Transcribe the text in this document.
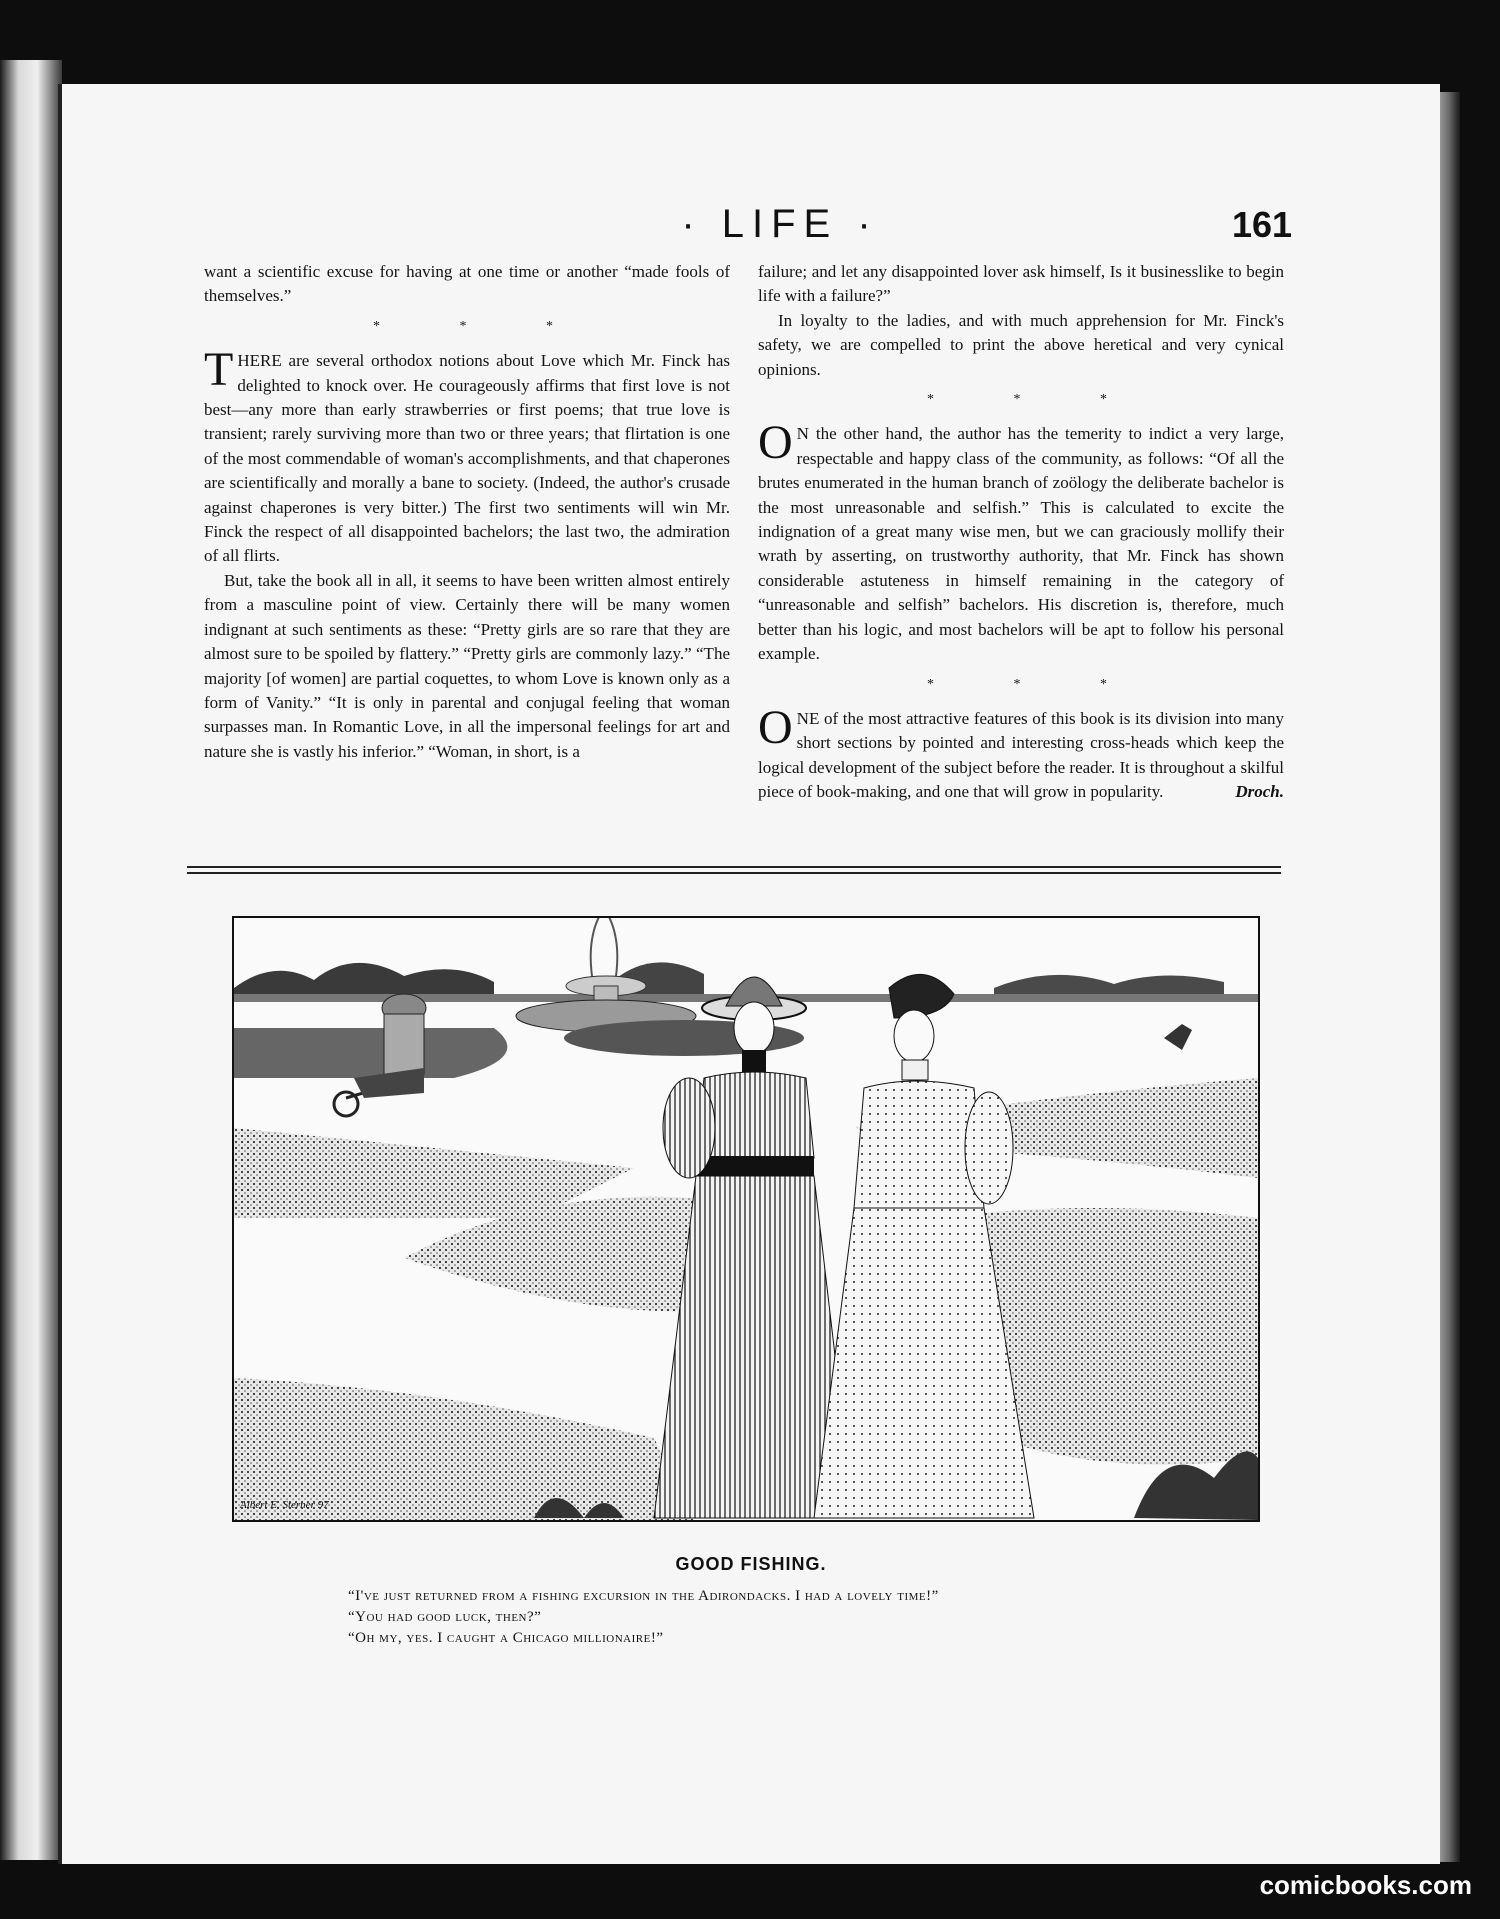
· LIFE ·	161

want a scientific excuse for having at one time or another “made fools of themselves.”

* * *

THERE are several orthodox notions about Love which Mr. Finck has delighted to knock over. He courageously affirms that first love is not best—any more than early strawberries or first poems; that true love is transient; rarely surviving more than two or three years; that flirtation is one of the most commendable of woman's accomplishments, and that chaperones are scientifically and morally a bane to society. (Indeed, the author's crusade against chaperones is very bitter.) The first two sentiments will win Mr. Finck the respect of all disappointed bachelors; the last two, the admiration of all flirts.

But, take the book all in all, it seems to have been written almost entirely from a masculine point of view. Certainly there will be many women indignant at such sentiments as these: “Pretty girls are so rare that they are almost sure to be spoiled by flattery.” “Pretty girls are commonly lazy.” “The majority [of women] are partial coquettes, to whom Love is known only as a form of Vanity.” “It is only in parental and conjugal feeling that woman surpasses man. In Romantic Love, in all the impersonal feelings for art and nature she is vastly his inferior.” “Woman, in short, is a

failure; and let any disappointed lover ask himself, Is it businesslike to begin life with a failure?”

In loyalty to the ladies, and with much apprehension for Mr. Finck's safety, we are compelled to print the above heretical and very cynical opinions.

* * *

O N the other hand, the author has the temerity to indict a very large, respectable and happy class of the community, as follows: “Of all the brutes enumerated in the human branch of zoölogy the deliberate bachelor is the most unreasonable and selfish.” This is calculated to excite the indignation of a great many wise men, but we can graciously mollify their wrath by asserting, on trustworthy authority, that Mr. Finck has shown considerable astuteness in himself remaining in the category of “unreasonable and selfish” bachelors. His discretion is, therefore, much better than his logic, and most bachelors will be apt to follow his personal example.

* * *

ONE of the most attractive features of this book is its division into many short sections by pointed and interesting cross-heads which keep the logical development of the subject before the reader. It is throughout a skilful piece of book-making, and one that will grow in popularity.	Droch.

Albert E. Sterner 97
GOOD FISHING.
“I've just returned from a fishing excursion in the Adirondacks. I had a lovely time!”
“You had good luck, then?”
“Oh my, yes. I caught a Chicago millionaire!”
comicbooks.com
